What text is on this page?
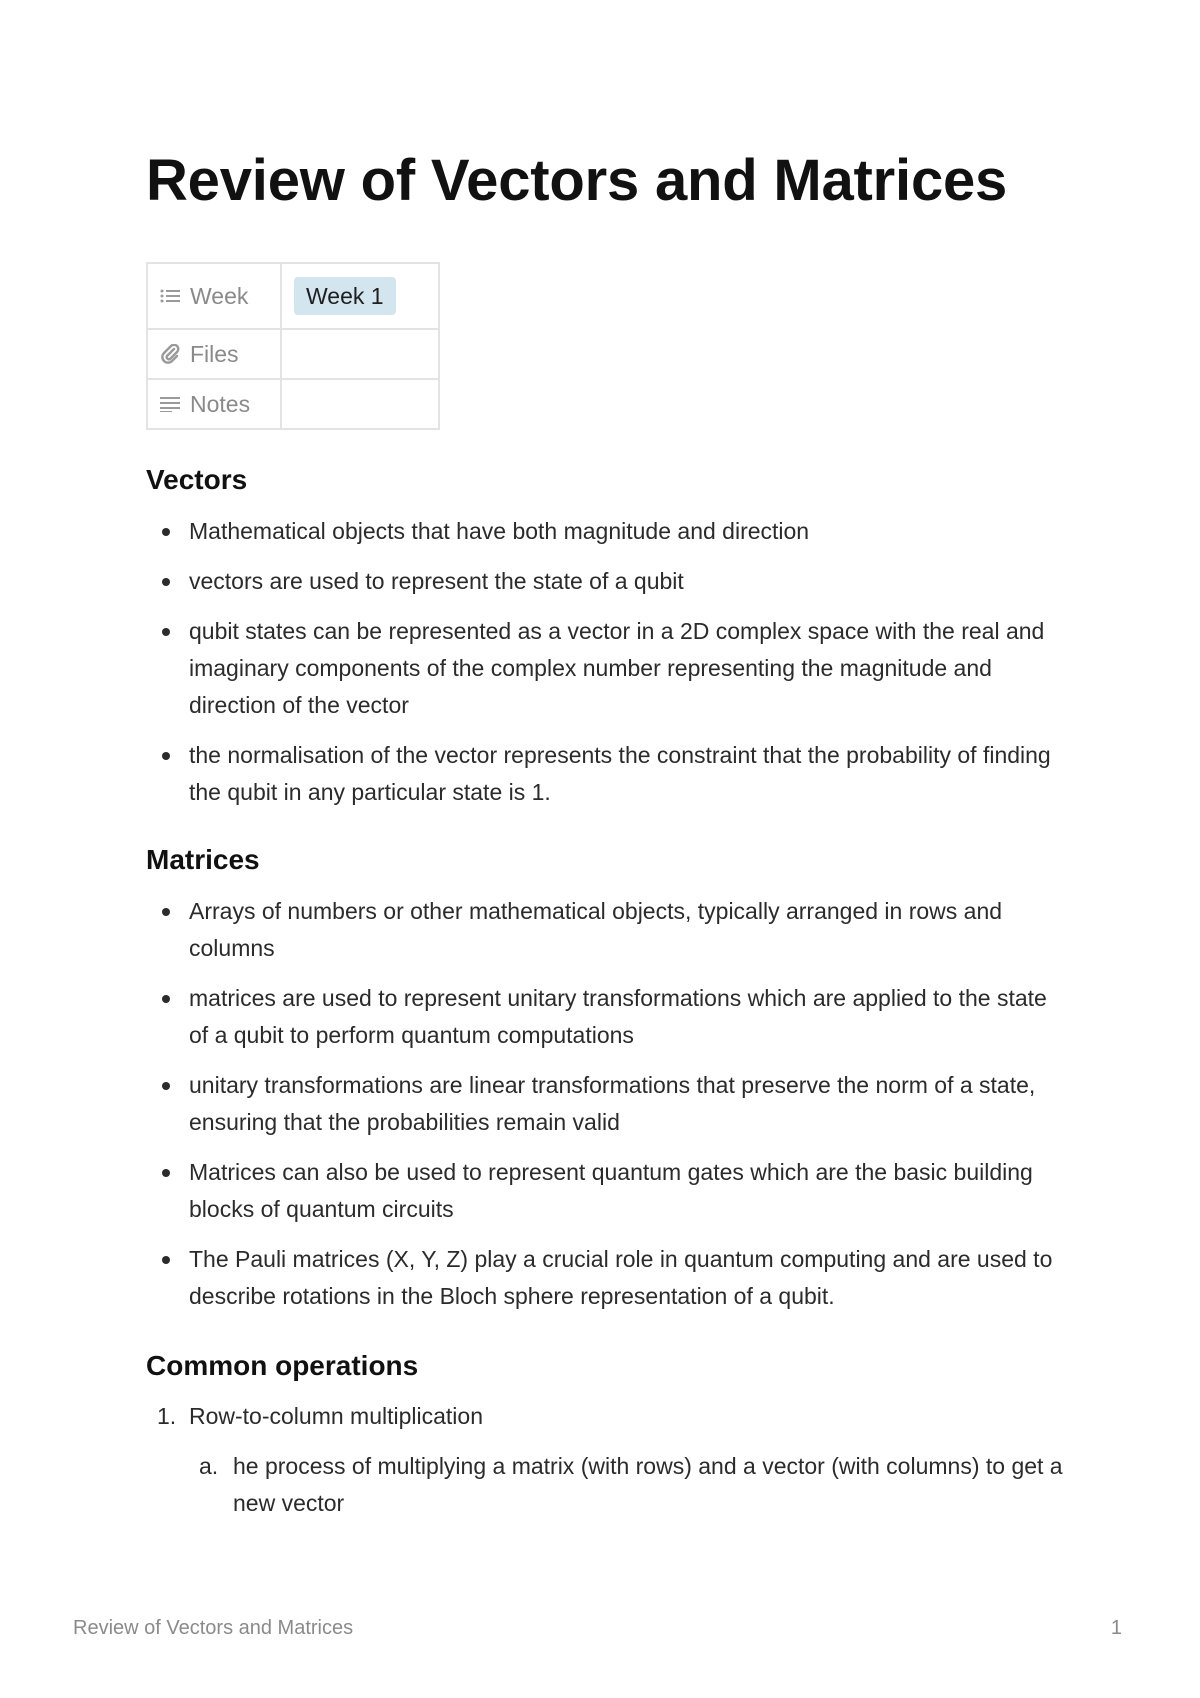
Review of Vectors and Matrices
Week	Week 1

Files	

Notes	

Vectors
Mathematical objects that have both magnitude and direction
vectors are used to represent the state of a qubit
qubit states can be represented as a vector in a 2D complex space with the real and imaginary components of the complex number representing the magnitude and direction of the vector
the normalisation of the vector represents the constraint that the probability of finding the qubit in any particular state is 1.
Matrices
Arrays of numbers or other mathematical objects, typically arranged in rows and columns
matrices are used to represent unitary transformations which are applied to the state of a qubit to perform quantum computations
unitary transformations are linear transformations that preserve the norm of a state, ensuring that the probabilities remain valid
Matrices can also be used to represent quantum gates which are the basic building blocks of quantum circuits
The Pauli matrices (X, Y, Z) play a crucial role in quantum computing and are used to describe rotations in the Bloch sphere representation of a qubit.
Common operations
1. Row-to-column multiplication
a. he process of multiplying a matrix (with rows) and a vector (with columns) to get a new vector
Review of Vectors and Matrices	1
